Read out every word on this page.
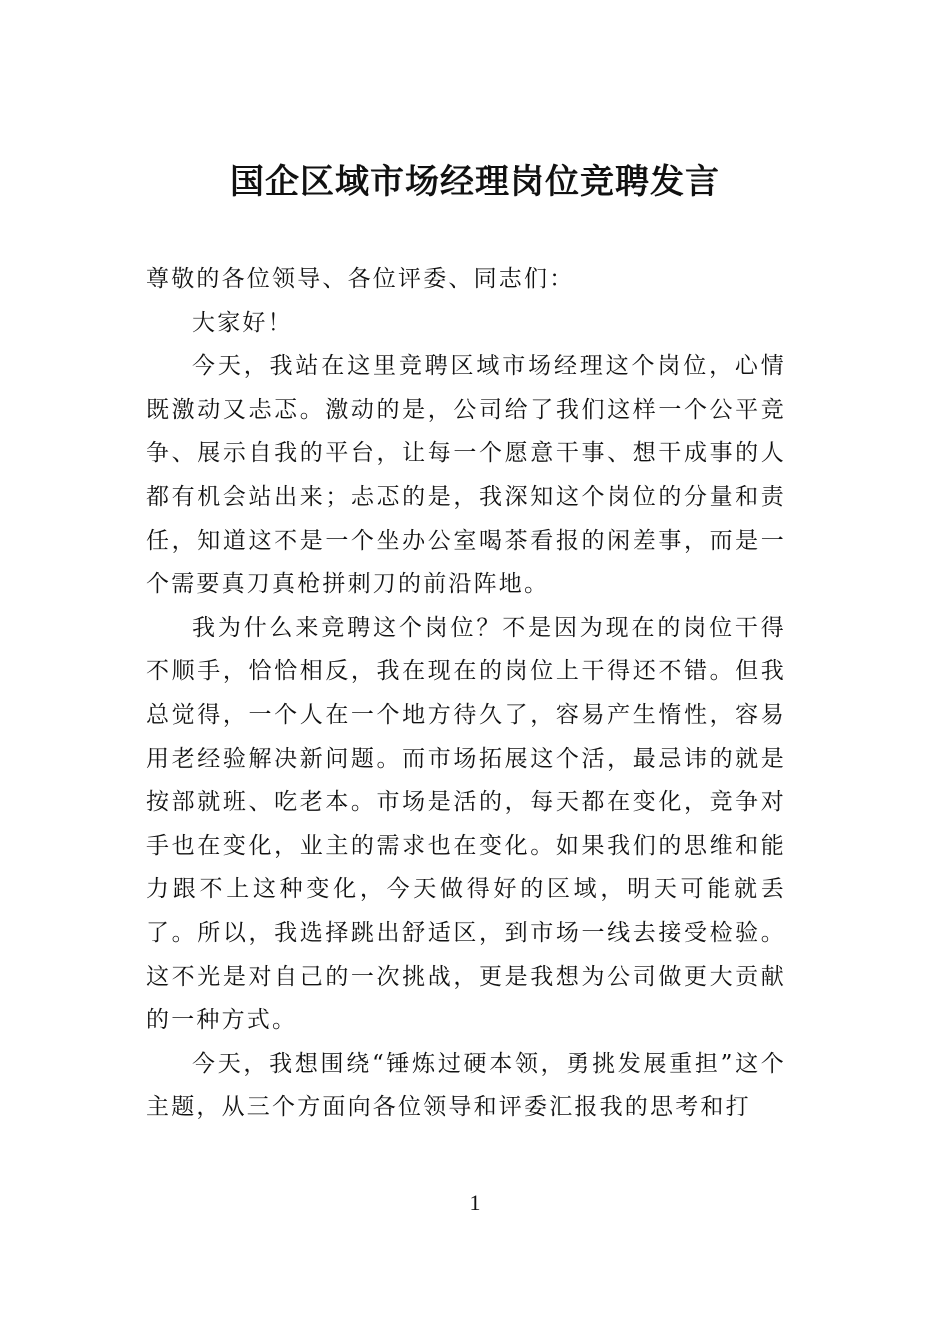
国企区域市场经理岗位竞聘发言

尊敬的各位领导、各位评委、同志们：

大家好！

今天，我站在这里竞聘区域市场经理这个岗位，心情既激动又忐忑。激动的是，公司给了我们这样一个公平竞争、展示自我的平台，让每一个愿意干事、想干成事的人都有机会站出来；忐忑的是，我深知这个岗位的分量和责任，知道这不是一个坐办公室喝茶看报的闲差事，而是一个需要真刀真枪拼刺刀的前沿阵地。

我为什么来竞聘这个岗位？不是因为现在的岗位干得不顺手，恰恰相反，我在现在的岗位上干得还不错。但我总觉得，一个人在一个地方待久了，容易产生惰性，容易用老经验解决新问题。而市场拓展这个活，最忌讳的就是按部就班、吃老本。市场是活的，每天都在变化，竞争对手也在变化，业主的需求也在变化。如果我们的思维和能力跟不上这种变化，今天做得好的区域，明天可能就丢了。所以，我选择跳出舒适区，到市场一线去接受检验。这不光是对自己的一次挑战，更是我想为公司做更大贡献的一种方式。

今天，我想围绕“锤炼过硬本领，勇挑发展重担”这个主题，从三个方面向各位领导和评委汇报我的思考和打

1
